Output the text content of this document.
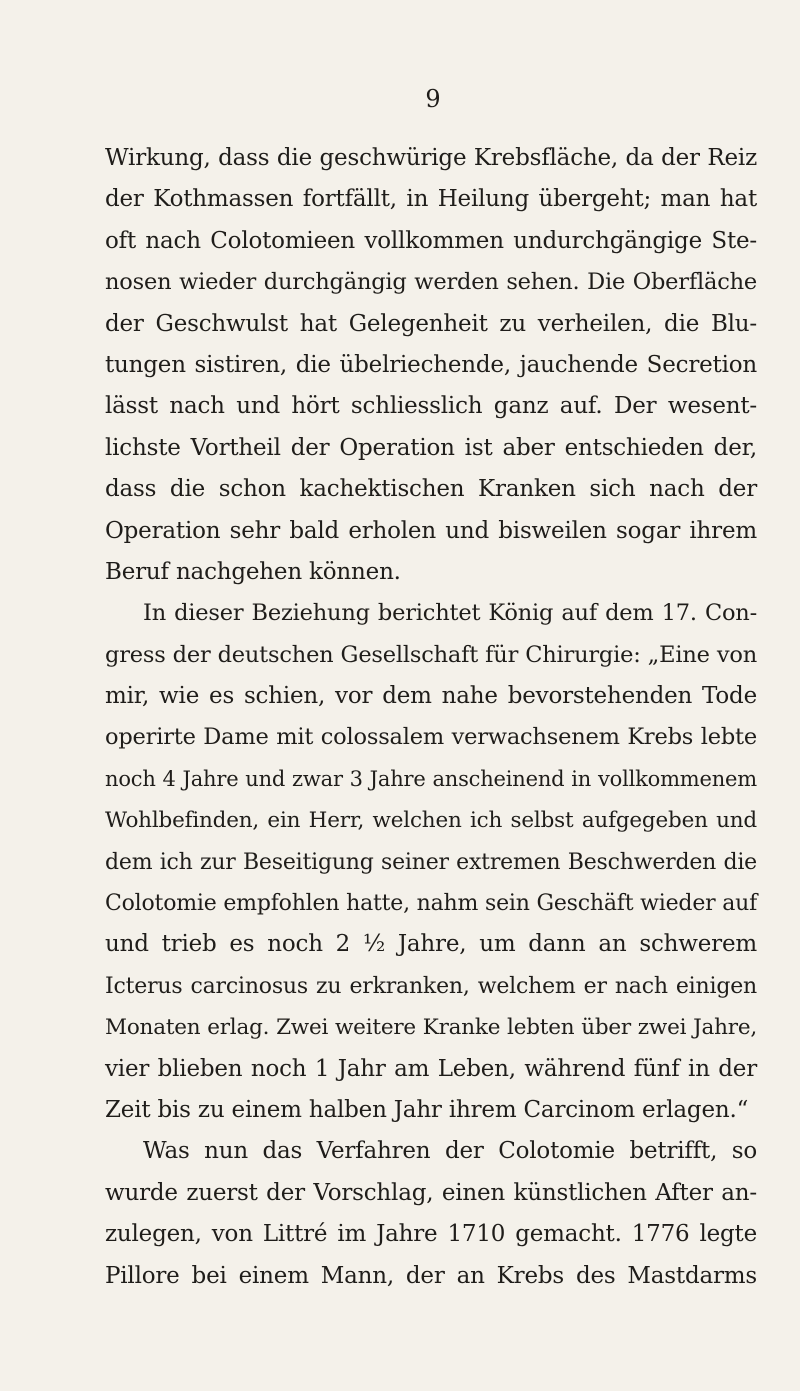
9
Wirkung, dass die geschwürige Krebsfläche, da der Reiz
der Kothmassen fortfällt, in Heilung übergeht; man hat
oft nach Colotomieen vollkommen undurchgängige Ste-
nosen wieder durchgängig werden sehen. Die Oberfläche
der Geschwulst hat Gelegenheit zu verheilen, die Blu-
tungen sistiren, die übelriechende, jauchende Secretion
lässt nach und hört schliesslich ganz auf. Der wesent-
lichste Vortheil der Operation ist aber entschieden der,
dass die schon kachektischen Kranken sich nach der
Operation sehr bald erholen und bisweilen sogar ihrem
Beruf nachgehen können.
In dieser Beziehung berichtet König auf dem 17. Con-
gress der deutschen Gesellschaft für Chirurgie: „Eine von
mir, wie es schien, vor dem nahe bevorstehenden Tode
operirte Dame mit colossalem verwachsenem Krebs lebte
noch 4 Jahre und zwar 3 Jahre anscheinend in vollkommenem
Wohlbefinden, ein Herr, welchen ich selbst aufgegeben und
dem ich zur Beseitigung seiner extremen Beschwerden die
Colotomie empfohlen hatte, nahm sein Geschäft wieder auf
und trieb es noch 2 ½ Jahre, um dann an schwerem
Icterus carcinosus zu erkranken, welchem er nach einigen
Monaten erlag. Zwei weitere Kranke lebten über zwei Jahre,
vier blieben noch 1 Jahr am Leben, während fünf in der
Zeit bis zu einem halben Jahr ihrem Carcinom erlagen.“
Was nun das Verfahren der Colotomie betrifft, so
wurde zuerst der Vorschlag, einen künstlichen After an-
zulegen, von Littré im Jahre 1710 gemacht. 1776 legte
Pillore bei einem Mann, der an Krebs des Mastdarms
